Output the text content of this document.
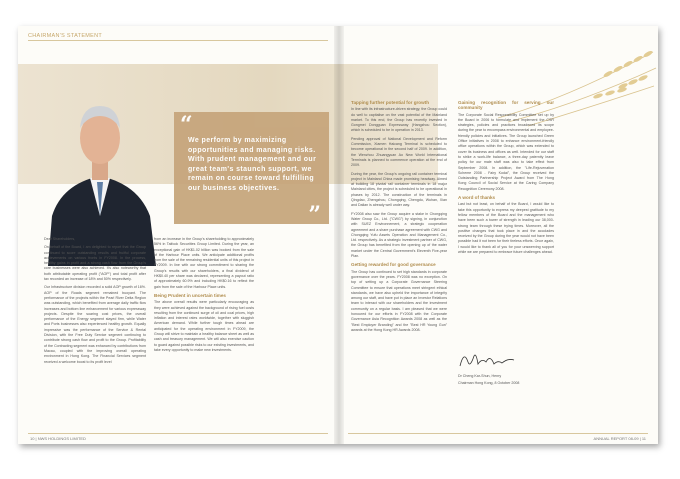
CHAIRMAN'S STATEMENT
“
We perform by maximizing opportunities and managing risks. With prudent management and our great team's staunch support, we remain on course toward fulfilling our business objectives.
”

Dear Shareholders,

On behalf of the Board, I am delighted to report that the Group continued to score outstanding results and fruitful corporate achievements on various fronts in FY2008. In the process, healthy gains in profit and a strong cash flow from the Group's core businesses were also achieved. It's also noteworthy that both attributable operating profit ("AOP") and total profit after tax recorded an increase of 18% and 50% respectively.

Our Infrastructure division recorded a solid AOP growth of 16%. AOP of the Roads segment remained buoyant. The performance of the projects within the Pearl River Delta Region was outstanding, which benefited from average daily traffic flow increases and bottom line enhancement for various expressway projects. Despite the soaring cost prices, the overall performance of the Energy segment stayed firm, while Water and Ports businesses also experienced healthy growth. Equally impressive was the performance of the Service & Rental Division, with the Free Duty Service segment continuing to contribute strong cash flow and profit to the Group. Profitability of the Contracting segment was enhanced by contributions from Macau, coupled with the improving overall operating environment in Hong Kong. The Financial Services segment received a welcome boost to its profit level

from an increase in the Group's shareholding to approximately 56% in Taifook Securities Group Limited. During the year, an exceptional gain of HK$1.02 billion was booked from the sale of the Harbour Place units. We anticipate additional profits from the sale of the remaining residential units of this project in FY2009. In line with our strong commitment to sharing the Group's results with our shareholders, a final dividend of HK$0.40 per share was declared, representing a payout ratio of approximately 60.9% and including HK$0.16 to reflect the gain from the sale of the Harbour Place units.

Being Prudent in uncertain times

The above overall results were particularly encouraging as they were achieved against the background of rising fuel costs resulting from the continued surge of oil and coal prices, high inflation and interest rates worldwide, together with sluggish American demand. While further tough times ahead are anticipated for the operating environment in FY2009, the Group will strive to maintain a healthy balance sheet as well as cash and treasury management. We will also exercise caution to guard against possible risks to our existing investments, and take every opportunity to make new investments.

Tapping further potential for growth

In line with its infrastructure-driven strategy, the Group could do well to capitalise on the vast potential of the Mainland market. To this end, the Group has recently invested in Gongmei Dongguan Expressway (Hangzhou Section), which is scheduled to be in operation in 2013.

Pending approval of National Development and Reform Commission, Xiamen Haicang Terminal is scheduled to become operational in the second half of 2009. In addition, the Wenzhou Zhuangyuan Ao New World International Terminals is planned to commence operation at the end of 2009.

During the year, the Group's ongoing rail container terminal project in Mainland China made promising headway. Aimed at building 18 pivotal rail container terminals in 18 major Mainland cities, the project is scheduled to be operational in phases by 2012. The construction of the terminals in Qingdao, Zhengzhou, Chongqing, Chengdu, Wuhan, Xian and Dalian is already well under way.

FY2008 also saw the Group acquire a stake in Chongqing Water Group Co., Ltd. ("CWG") by signing, in conjunction with SUEZ Environnement, a strategic cooperation agreement and a share purchase agreement with CWG and Chongqing Yufu Assets Operation and Management Co., Ltd. respectively. As a strategic investment partner of CWG, the Group has benefited from the opening up of the water market under the Central Government's Eleventh Five-year Plan.

Getting rewarded for good governance

The Group has continued to set high standards in corporate governance over the years. FY2008 was no exception. On top of setting up a Corporate Governance Steering Committee to ensure that operations meet stringent ethical standards, we have also upheld the importance of integrity among our staff, and have put in place an Investor Relations team to interact with our shareholders and the investment community on a regular basis. I am pleased that we were honoured for our efforts in FY2008 with the Corporate Governance Asia Recognition Awards 2008 as well as the "Best Employer Branding" and the "Best HR Young Gun" awards at the Hong Kong HR Awards 2008.

Gaining recognition for serving our community

The Corporate Social Responsibility Committee set up by the Board in 2006 to formulate and implement the CSR strategies, policies and practices broadened its scope during the year to encompass environmental and employee-friendly policies and initiatives. The Group launched Green Office initiatives in 2008 to enhance environment-friendly office operations within the Group, which was extended to cover its business and offices as well. Intended for our staff to strike a work-life balance, a three-day paternity leave policy for our male staff was also to take effect from September 2008. In addition, the "Life-Rejuvenation Scheme 2008 - Fairy Kodai", the Group received the Outstanding Partnership Project Award from The Hong Kong Council of Social Service at the Caring Company Recognition Ceremony 2008.

A word of thanks

Last but not least, on behalf of the Board, I would like to take this opportunity to express my deepest gratitude to my fellow members of the Board and the management who have been such a tower of strength in leading our 38,000-strong team through these trying times. Moreover, all the positive changes that took place in and the accolades received by the Group during the year would not have been possible had it not been for their tireless efforts. Once again, I would like to thank all of you for your unswerving support while we are prepared to embrace future challenges ahead.

Dr Cheng Kar-Shun, Henry
Chairman Hong Kong, 8 October 2008
10 | NWS HOLDINGS LIMITED	ANNUAL REPORT 08-09 | 11
